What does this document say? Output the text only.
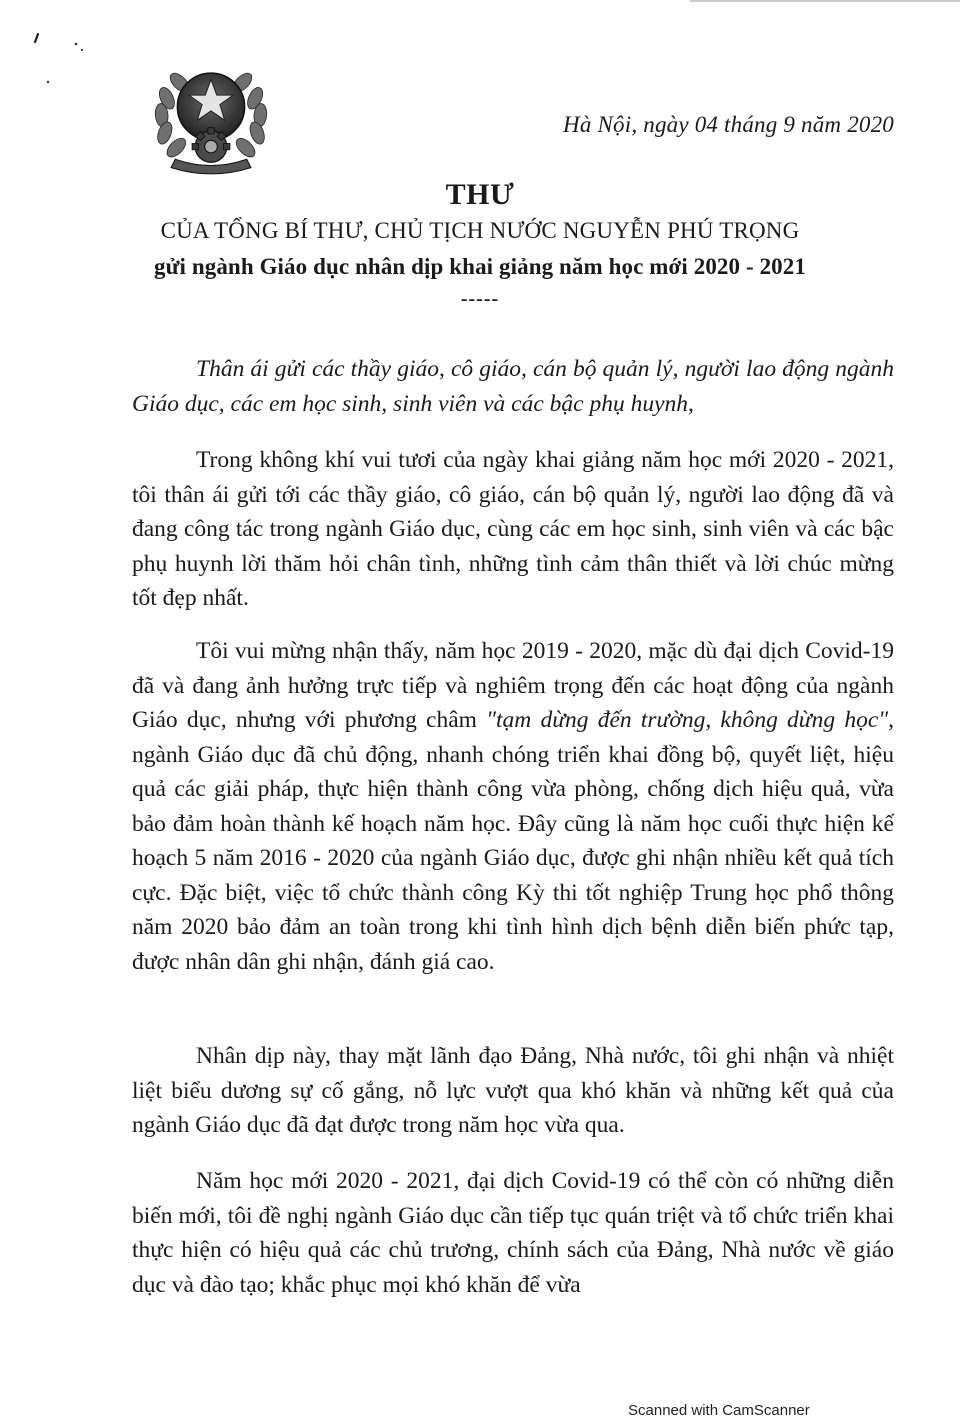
Hà Nội, ngày 04 tháng 9 năm 2020
THƯ
CỦA TỔNG BÍ THƯ, CHỦ TỊCH NƯỚC NGUYỄN PHÚ TRỌNG
gửi ngành Giáo dục nhân dịp khai giảng năm học mới 2020 - 2021
-----

Thân ái gửi các thầy giáo, cô giáo, cán bộ quản lý, người lao động ngành Giáo dục, các em học sinh, sinh viên và các bậc phụ huynh,

Trong không khí vui tươi của ngày khai giảng năm học mới 2020 - 2021, tôi thân ái gửi tới các thầy giáo, cô giáo, cán bộ quản lý, người lao động đã và đang công tác trong ngành Giáo dục, cùng các em học sinh, sinh viên và các bậc phụ huynh lời thăm hỏi chân tình, những tình cảm thân thiết và lời chúc mừng tốt đẹp nhất.

Tôi vui mừng nhận thấy, năm học 2019 - 2020, mặc dù đại dịch Covid-19 đã và đang ảnh hưởng trực tiếp và nghiêm trọng đến các hoạt động của ngành Giáo dục, nhưng với phương châm "tạm dừng đến trường, không dừng học", ngành Giáo dục đã chủ động, nhanh chóng triển khai đồng bộ, quyết liệt, hiệu quả các giải pháp, thực hiện thành công vừa phòng, chống dịch hiệu quả, vừa bảo đảm hoàn thành kế hoạch năm học. Đây cũng là năm học cuối thực hiện kế hoạch 5 năm 2016 - 2020 của ngành Giáo dục, được ghi nhận nhiều kết quả tích cực. Đặc biệt, việc tổ chức thành công Kỳ thi tốt nghiệp Trung học phổ thông năm 2020 bảo đảm an toàn trong khi tình hình dịch bệnh diễn biến phức tạp, được nhân dân ghi nhận, đánh giá cao.

Nhân dịp này, thay mặt lãnh đạo Đảng, Nhà nước, tôi ghi nhận và nhiệt liệt biểu dương sự cố gắng, nỗ lực vượt qua khó khăn và những kết quả của ngành Giáo dục đã đạt được trong năm học vừa qua.

Năm học mới 2020 - 2021, đại dịch Covid-19 có thể còn có những diễn biến mới, tôi đề nghị ngành Giáo dục cần tiếp tục quán triệt và tổ chức triển khai thực hiện có hiệu quả các chủ trương, chính sách của Đảng, Nhà nước về giáo dục và đào tạo; khắc phục mọi khó khăn để vừa

Scanned with CamScanner
